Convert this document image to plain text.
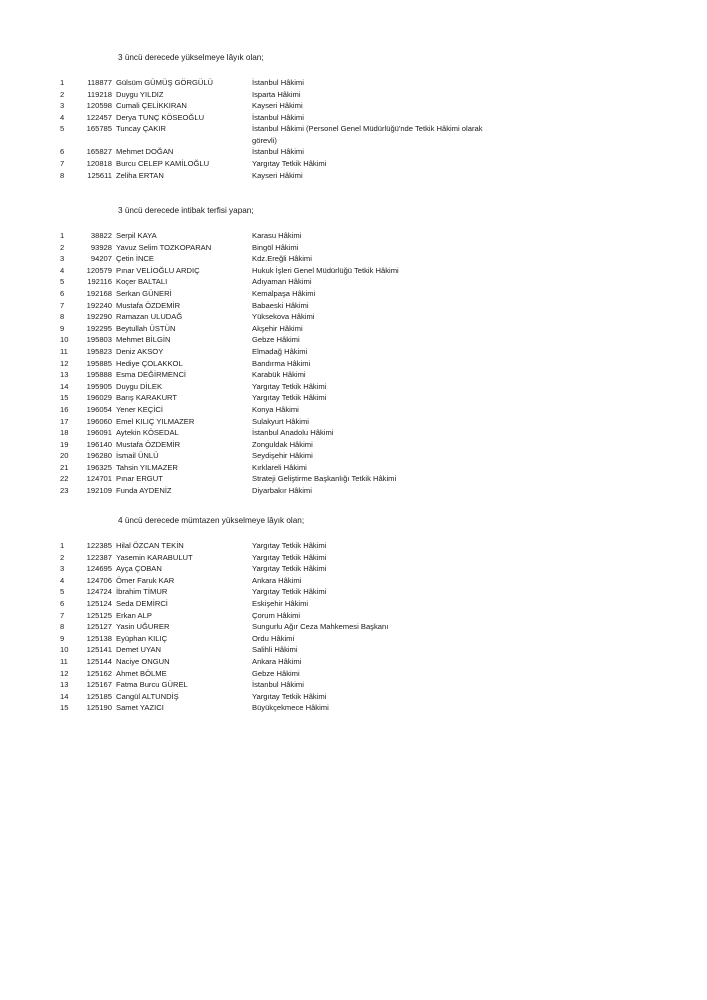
3 üncü derecede yükselmeye lâyık olan;
1	118877 Gülsüm GÜMÜŞ GÖRGÜLÜ	İstanbul Hâkimi
2	119218 Duygu YILDIZ	Isparta Hâkimi
3	120598 Cumali ÇELİKKIRAN	Kayseri Hâkimi
4	122457 Derya TUNÇ KÖSEOĞLU	İstanbul Hâkimi
5	165785 Tuncay ÇAKIR	İstanbul Hâkimi (Personel Genel Müdürlüğü'nde Tetkik Hâkimi olarak görevli)
6	165827 Mehmet DOĞAN	İstanbul Hâkimi
7	120818 Burcu CELEP KAMİLOĞLU	Yargıtay Tetkik Hâkimi
8	125611 Zeliha ERTAN	Kayseri Hâkimi
3 üncü derecede intibak terfisi yapan;
1	38822 Serpil KAYA	Karasu Hâkimi
2	93928 Yavuz Selim TOZKOPARAN	Bingöl Hâkimi
3	94207 Çetin İNCE	Kdz.Ereğli Hâkimi
4	120579 Pınar VELİOĞLU ARDIÇ	Hukuk İşleri Genel Müdürlüğü Tetkik Hâkimi
5	192116 Koçer BALTALI	Adıyaman Hâkimi
6	192168 Serkan GÜNERİ	Kemalpaşa Hâkimi
7	192240 Mustafa ÖZDEMİR	Babaeski Hâkimi
8	192290 Ramazan ULUDAĞ	Yüksekova Hâkimi
9	192295 Beytullah ÜSTÜN	Akşehir Hâkimi
10	195803 Mehmet BİLGİN	Gebze Hâkimi
11	195823 Deniz AKSOY	Elmadağ Hâkimi
12	195885 Hediye ÇOLAKKOL	Bandırma Hâkimi
13	195888 Esma DEĞİRMENCİ	Karabük Hâkimi
14	195905 Duygu DİLEK	Yargıtay Tetkik Hâkimi
15	196029 Barış KARAKURT	Yargıtay Tetkik Hâkimi
16	196054 Yener KEÇİCİ	Konya Hâkimi
17	196060 Emel KILIÇ YILMAZER	Sulakyurt Hâkimi
18	196091 Aytekin KÖSEDAL	İstanbul Anadolu Hâkimi
19	196140 Mustafa ÖZDEMİR	Zonguldak Hâkimi
20	196280 İsmail ÜNLÜ	Seydişehir Hâkimi
21	196325 Tahsin YILMAZER	Kırklareli Hâkimi
22	124701 Pınar ERGUT	Strateji Geliştirme Başkanlığı Tetkik Hâkimi
23	192109 Funda AYDENİZ	Diyarbakır Hâkimi
4 üncü derecede mümtazen yükselmeye lâyık olan;
1	122385 Hilal ÖZCAN TEKİN	Yargıtay Tetkik Hâkimi
2	122387 Yasemin KARABULUT	Yargıtay Tetkik Hâkimi
3	124695 Ayça ÇOBAN	Yargıtay Tetkik Hâkimi
4	124706 Ömer Faruk KAR	Ankara Hâkimi
5	124724 İbrahim TİMUR	Yargıtay Tetkik Hâkimi
6	125124 Seda DEMİRCİ	Eskişehir Hâkimi
7	125125 Erkan ALP	Çorum Hâkimi
8	125127 Yasin UĞURER	Sungurlu Ağır Ceza Mahkemesi Başkanı
9	125138 Eyüphan KILIÇ	Ordu Hâkimi
10	125141 Demet UYAN	Salihli Hâkimi
11	125144 Naciye ONGUN	Ankara Hâkimi
12	125162 Ahmet BÖLME	Gebze Hâkimi
13	125167 Fatma Burcu GÜREL	İstanbul Hâkimi
14	125185 Cangül ALTUNDİŞ	Yargıtay Tetkik Hâkimi
15	125190 Samet YAZICI	Büyükçekmece Hâkimi
